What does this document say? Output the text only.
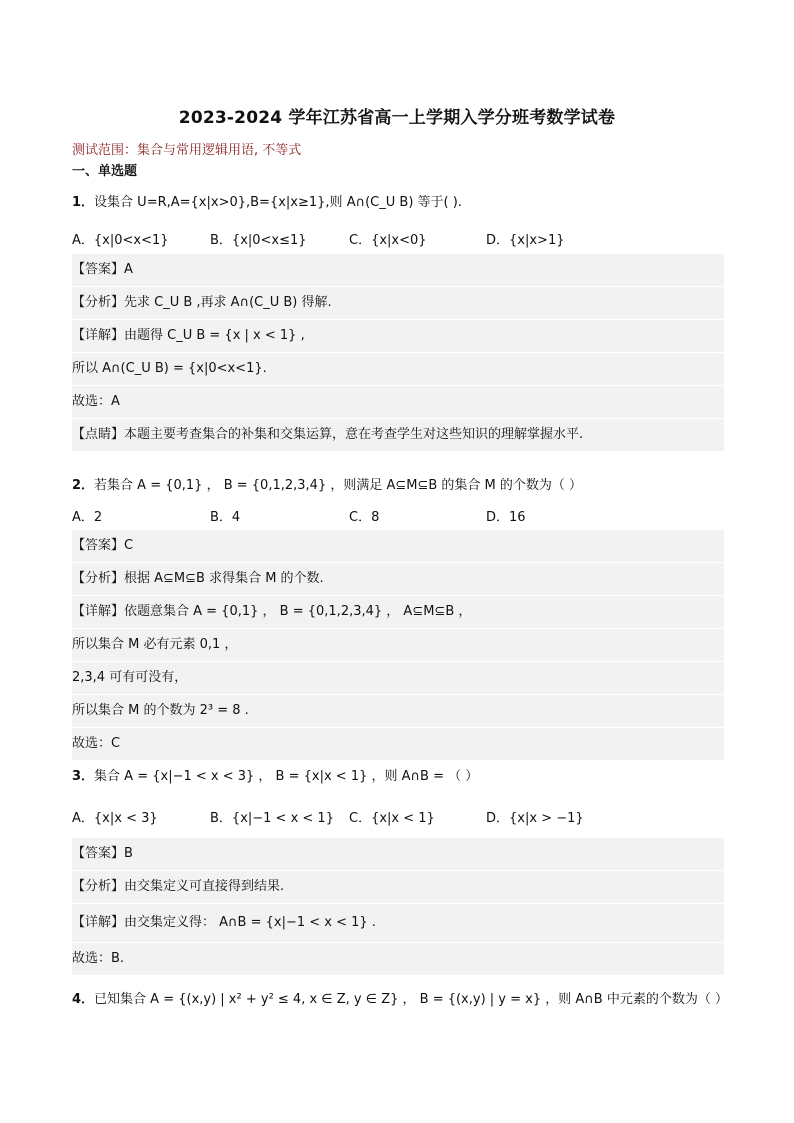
2023-2024 学年江苏省高一上学期入学分班考数学试卷
测试范围：集合与常用逻辑用语, 不等式
一、单选题
1．设集合 U=R,A={x|x>0},B={x|x≥1},则 A∩(C_U B) 等于( ).
A．{x|0<x<1}	B．{x|0<x≤1}	C．{x|x<0}	D．{x|x>1}
【答案】A
【分析】先求 C_U B ,再求 A∩(C_U B) 得解.
【详解】由题得 C_U B = {x | x < 1} ,
所以 A∩(C_U B) = {x|0<x<1}.
故选：A
【点睛】本题主要考查集合的补集和交集运算，意在考查学生对这些知识的理解掌握水平.
2．若集合 A = {0,1} ， B = {0,1,2,3,4} ，则满足 A⊆M⊆B 的集合 M 的个数为（ ）
A．2	B．4	C．8	D．16
【答案】C
【分析】根据 A⊆M⊆B 求得集合 M 的个数.
【详解】依题意集合 A = {0,1} ， B = {0,1,2,3,4} ， A⊆M⊆B ，
所以集合 M 必有元素 0,1 ，
2,3,4 可有可没有，
所以集合 M 的个数为 2³ = 8 .
故选：C
3．集合 A = {x|−1 < x < 3} ， B = {x|x < 1} ，则 A∩B = （ ）
A．{x|x < 3}	B．{x|−1 < x < 1} C．{x|x < 1}	D．{x|x > −1}
【答案】B
【分析】由交集定义可直接得到结果.
【详解】由交集定义得： A∩B = {x|−1 < x < 1} .
故选：B.
4．已知集合 A = {(x,y) | x² + y² ≤ 4, x ∈ Z, y ∈ Z} ， B = {(x,y) | y = x} ，则 A∩B 中元素的个数为（ ）
